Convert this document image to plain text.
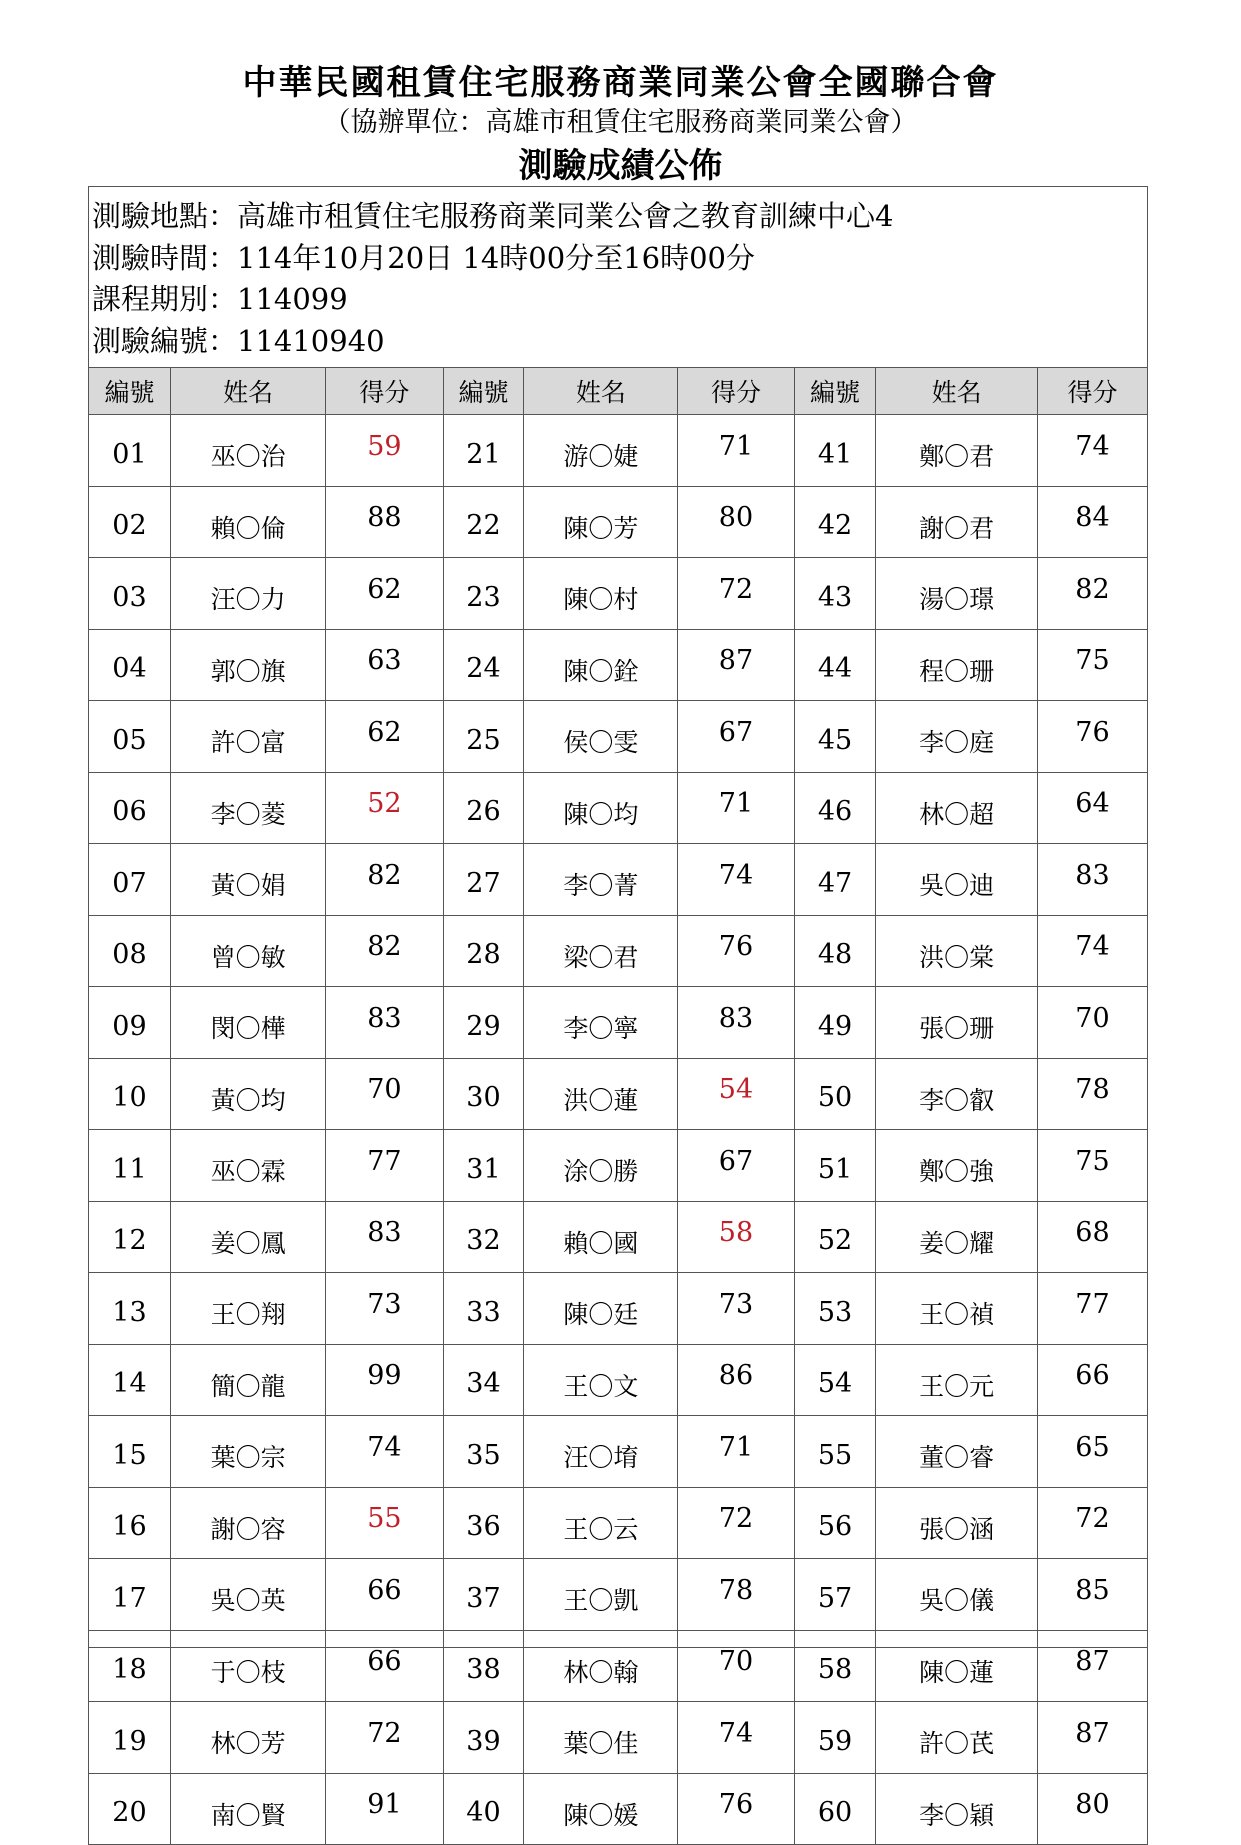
中華民國租賃住宅服務商業同業公會全國聯合會
（協辦單位：高雄市租賃住宅服務商業同業公會）
測驗成績公佈
測驗地點：高雄市租賃住宅服務商業同業公會之教育訓練中心4
測驗時間：114年10月20日 14時00分至16時00分
課程期別：114099
測驗編號：11410940
編號	姓名	得分	編號	姓名	得分	編號	姓名	得分
01	巫〇治	59	21	游〇婕	71	41	鄭〇君	74
02	賴〇倫	88	22	陳〇芳	80	42	謝〇君	84
03	汪〇力	62	23	陳〇村	72	43	湯〇璟	82
04	郭〇旗	63	24	陳〇銓	87	44	程〇珊	75
05	許〇富	62	25	侯〇雯	67	45	李〇庭	76
06	李〇菱	52	26	陳〇均	71	46	林〇超	64
07	黃〇娟	82	27	李〇菁	74	47	吳〇迪	83
08	曾〇敏	82	28	梁〇君	76	48	洪〇棠	74
09	閔〇樺	83	29	李〇寧	83	49	張〇珊	70
10	黃〇均	70	30	洪〇蓮	54	50	李〇叡	78
11	巫〇霖	77	31	涂〇勝	67	51	鄭〇強	75
12	姜〇鳳	83	32	賴〇國	58	52	姜〇耀	68
13	王〇翔	73	33	陳〇廷	73	53	王〇禎	77
14	簡〇龍	99	34	王〇文	86	54	王〇元	66
15	葉〇宗	74	35	汪〇堉	71	55	董〇睿	65
16	謝〇容	55	36	王〇云	72	56	張〇涵	72
17	吳〇英	66	37	王〇凱	78	57	吳〇儀	85
18	于〇枝	66	38	林〇翰	70	58	陳〇蓮	87
19	林〇芳	72	39	葉〇佳	74	59	許〇芪	87
20	南〇賢	91	40	陳〇媛	76	60	李〇穎	80
